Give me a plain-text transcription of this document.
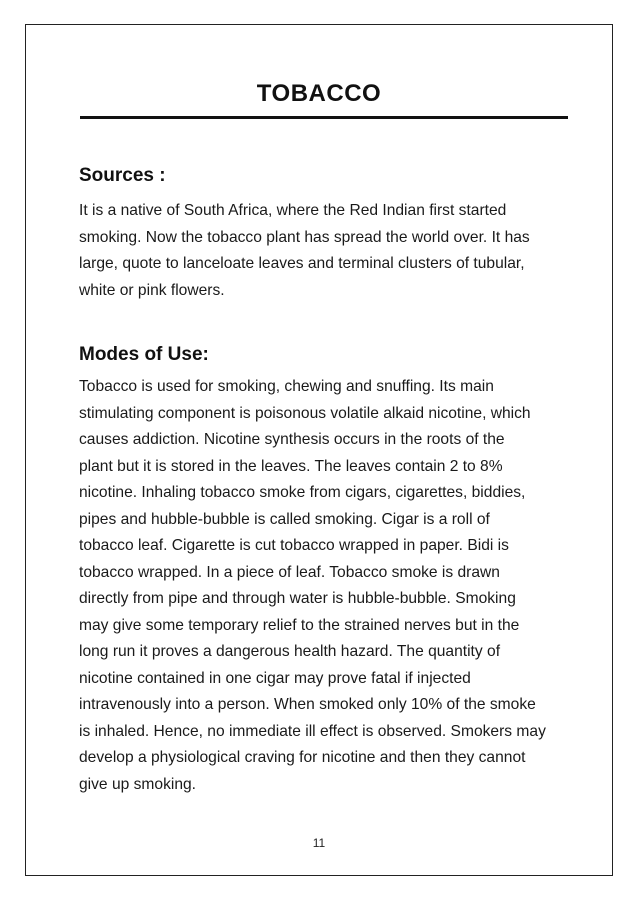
TOBACCO
Sources :
It is a native of South Africa, where the Red Indian first started
smoking. Now the tobacco plant has spread the world over. It has
large, quote to lanceloate leaves and terminal clusters of tubular,
white or pink flowers.
Modes of Use:
Tobacco is used for smoking, chewing and snuffing. Its main
stimulating component is poisonous volatile alkaid nicotine, which
causes addiction. Nicotine synthesis occurs in the roots of the
plant but it is stored in the leaves. The leaves contain 2 to 8%
nicotine. Inhaling tobacco smoke from cigars, cigarettes, biddies,
pipes and hubble-bubble is called smoking. Cigar is a roll of
tobacco leaf. Cigarette is cut tobacco wrapped in paper. Bidi is
tobacco wrapped. In a piece of leaf. Tobacco smoke is drawn
directly from pipe and through water is hubble-bubble. Smoking
may give some temporary relief to the strained nerves but in the
long run it proves a dangerous health hazard. The quantity of
nicotine contained in one cigar may prove fatal if injected
intravenously into a person. When smoked only 10% of the smoke
is inhaled. Hence, no immediate ill effect is observed. Smokers may
develop a physiological craving for nicotine and then they cannot
give up smoking.
11
